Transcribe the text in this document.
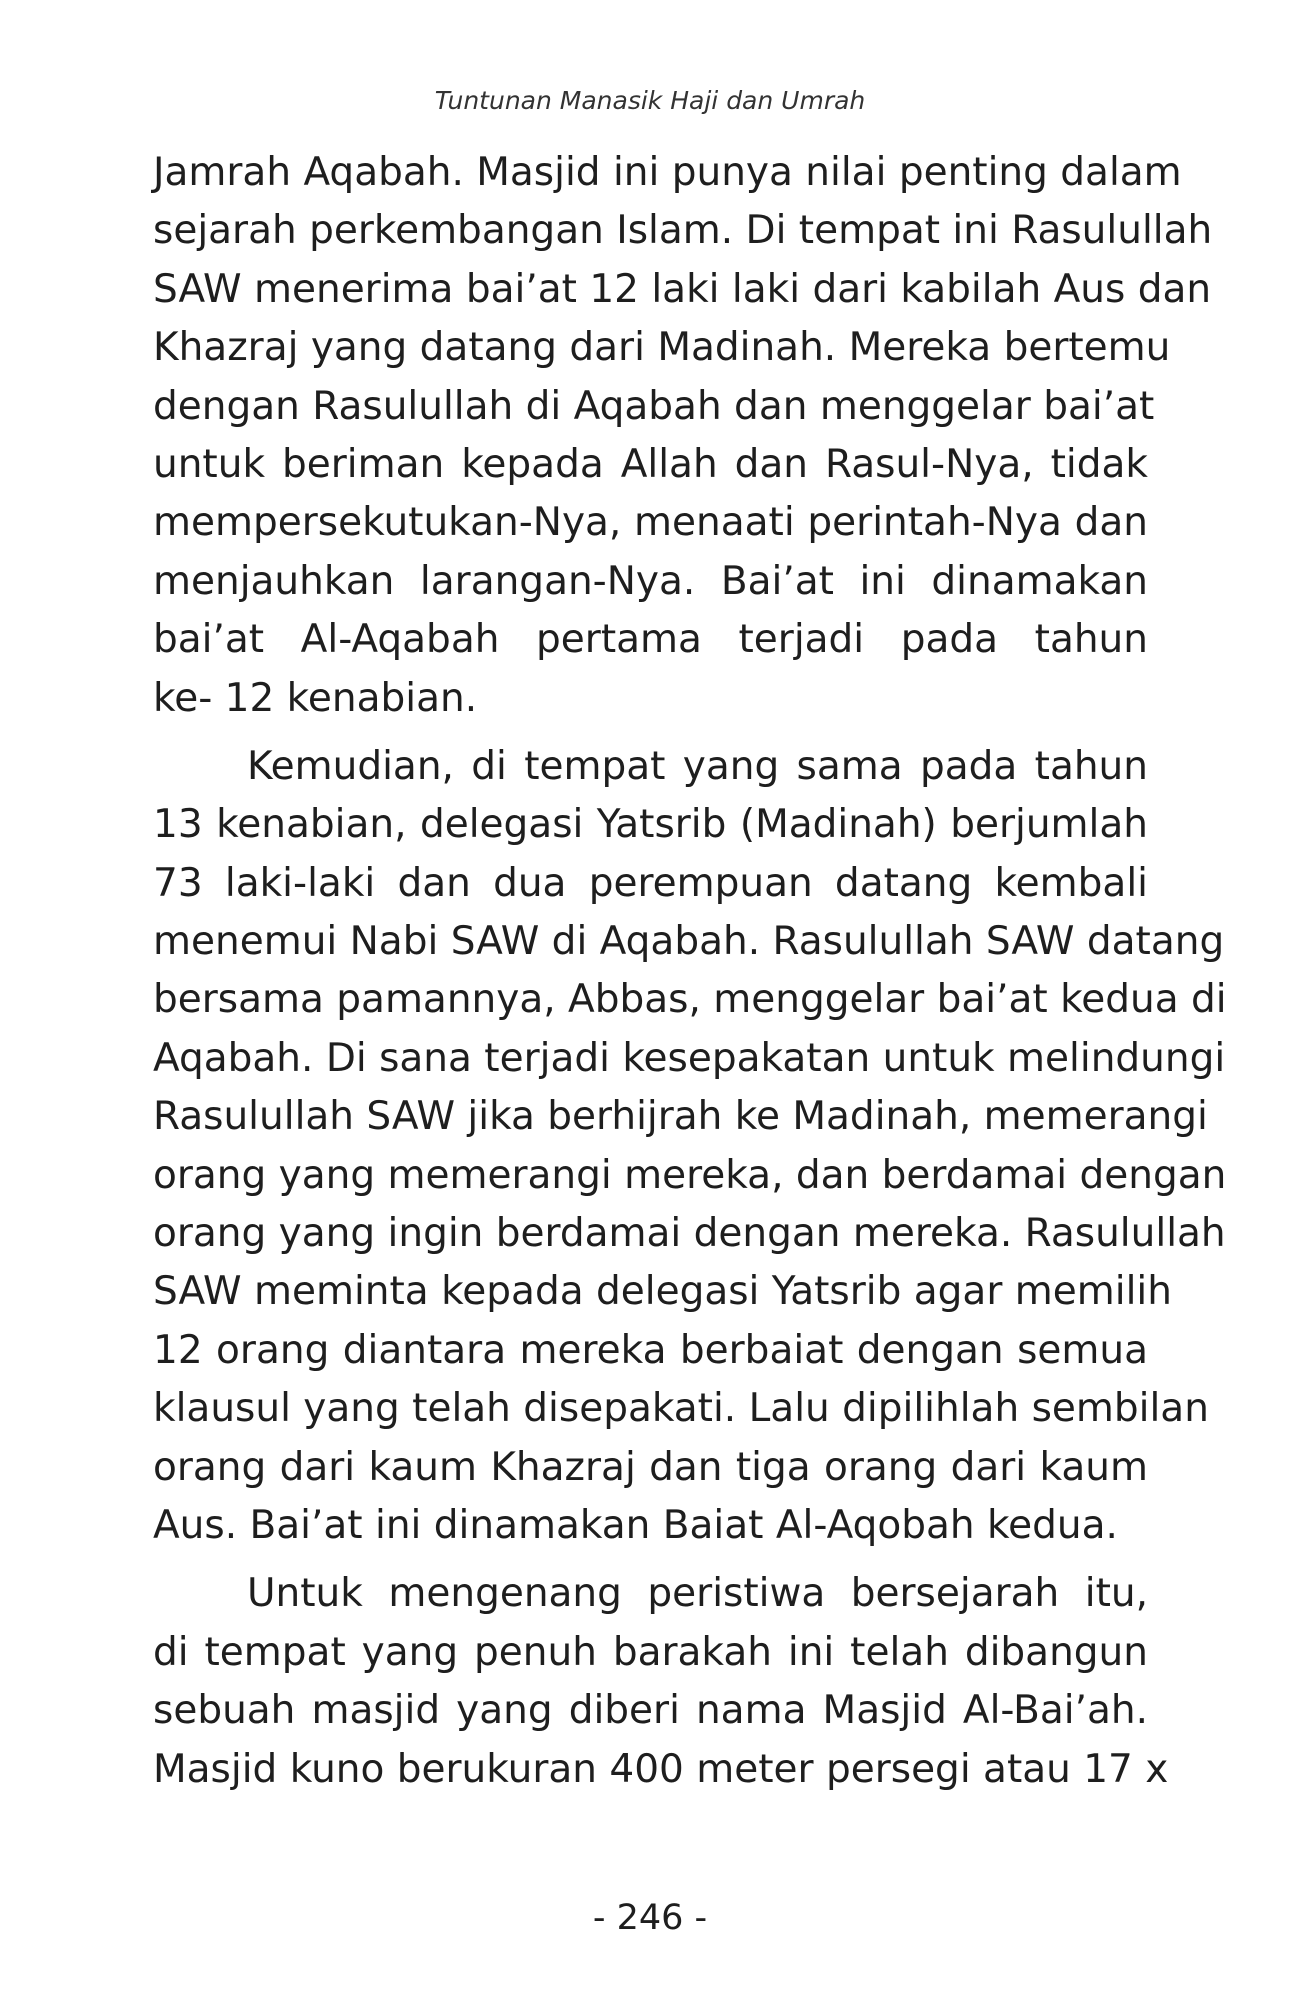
Tuntunan Manasik Haji dan Umrah
Jamrah Aqabah. Masjid ini punya nilai penting dalam
sejarah perkembangan Islam. Di tempat ini Rasulullah
SAW menerima bai’at 12 laki laki dari kabilah Aus dan
Khazraj yang datang dari Madinah. Mereka bertemu
dengan Rasulullah di Aqabah dan menggelar bai’at
untuk beriman kepada Allah dan Rasul-Nya, tidak
mempersekutukan-Nya, menaati perintah-Nya dan
menjauhkan larangan-Nya. Bai’at ini dinamakan
bai’at Al-Aqabah pertama terjadi pada tahun
ke- 12 kenabian.
Kemudian, di tempat yang sama pada tahun
13 kenabian, delegasi Yatsrib (Madinah) berjumlah
73 laki-laki dan dua perempuan datang kembali
menemui Nabi SAW di Aqabah. Rasulullah SAW datang
bersama pamannya, Abbas, menggelar bai’at kedua di
Aqabah. Di sana terjadi kesepakatan untuk melindungi
Rasulullah SAW jika berhijrah ke Madinah, memerangi
orang yang memerangi mereka, dan berdamai dengan
orang yang ingin berdamai dengan mereka. Rasulullah
SAW meminta kepada delegasi Yatsrib agar memilih
12 orang diantara mereka berbaiat dengan semua
klausul yang telah disepakati. Lalu dipilihlah sembilan
orang dari kaum Khazraj dan tiga orang dari kaum
Aus. Bai’at ini dinamakan Baiat Al-Aqobah kedua.
Untuk mengenang peristiwa bersejarah itu,
di tempat yang penuh barakah ini telah dibangun
sebuah masjid yang diberi nama Masjid Al-Bai’ah.
Masjid kuno berukuran 400 meter persegi atau 17 x
- 246 -
